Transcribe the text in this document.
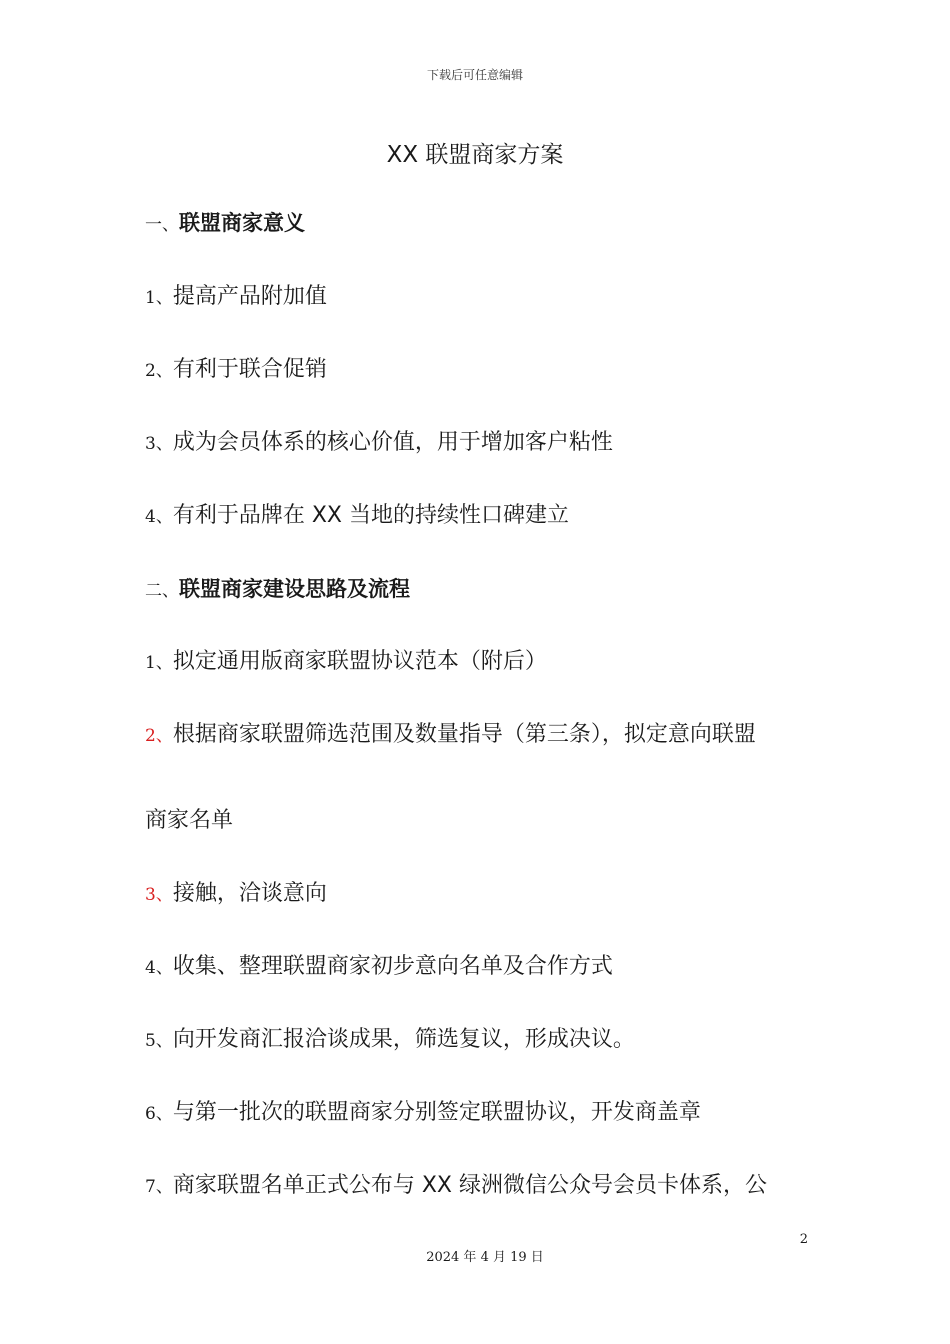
下载后可任意编辑
XX 联盟商家方案
一、联盟商家意义
1、提高产品附加值
2、有利于联合促销
3、成为会员体系的核心价值，用于增加客户粘性
4、有利于品牌在 XX 当地的持续性口碑建立
二、联盟商家建设思路及流程
1、拟定通用版商家联盟协议范本（附后）
2、根据商家联盟筛选范围及数量指导（第三条），拟定意向联盟
商家名单
3、接触，洽谈意向
4、收集、整理联盟商家初步意向名单及合作方式
5、向开发商汇报洽谈成果，筛选复议，形成决议。
6、与第一批次的联盟商家分别签定联盟协议，开发商盖章
7、商家联盟名单正式公布与 XX 绿洲微信公众号会员卡体系，公
2
2024 年 4 月 19 日
